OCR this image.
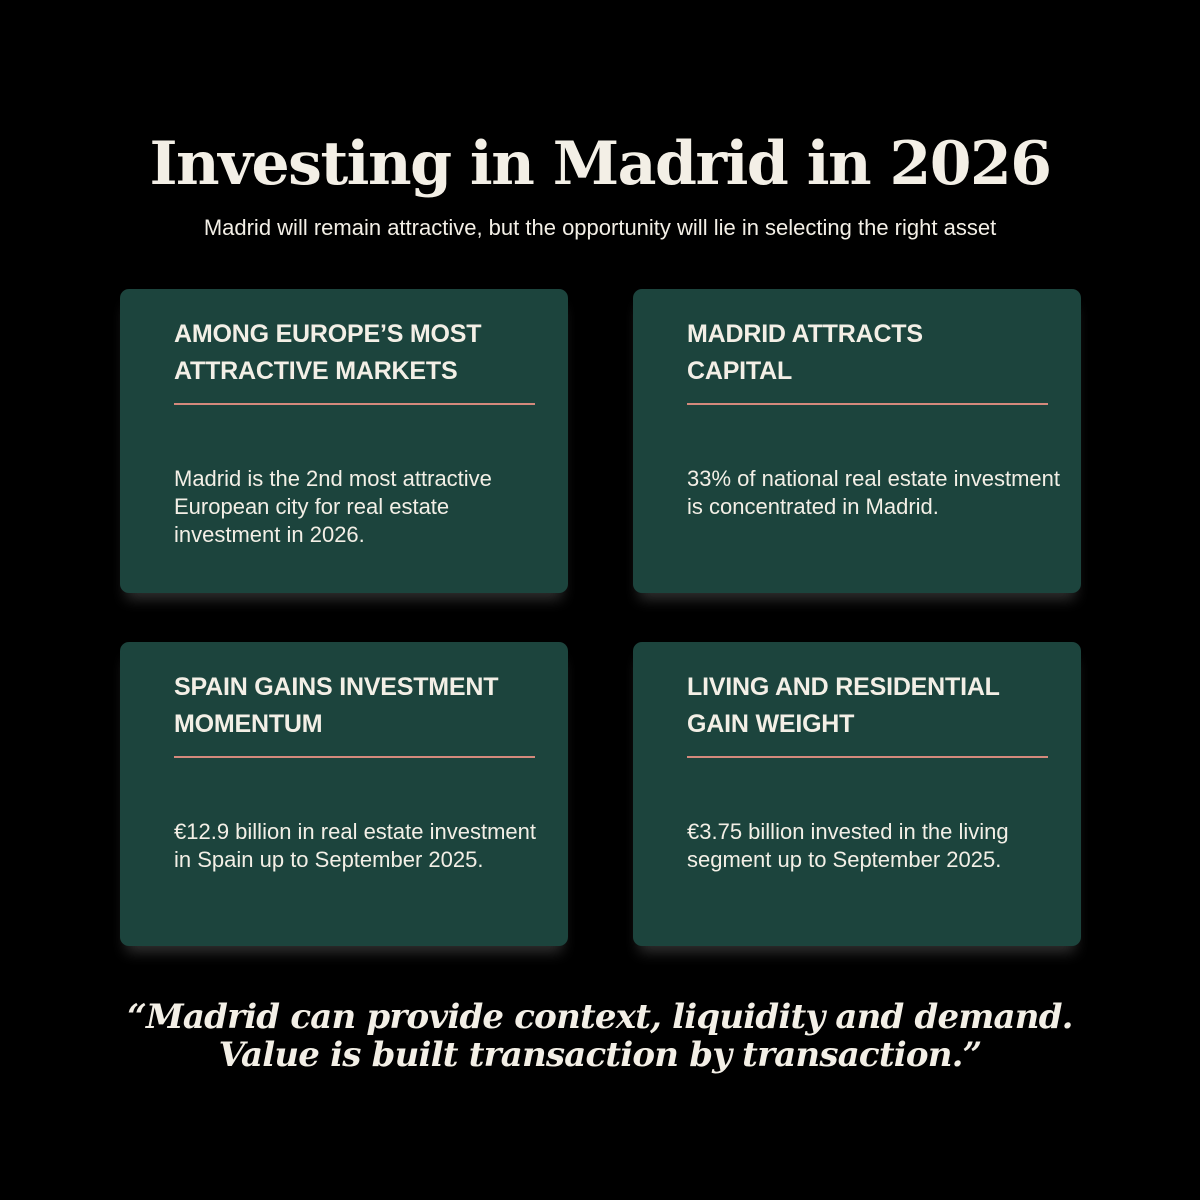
Investing in Madrid in 2026

Madrid will remain attractive, but the opportunity will lie in selecting the right asset

AMONG EUROPE’S MOST
ATTRACTIVE MARKETS

Madrid is the 2nd most attractive European city for real estate investment in 2026.

MADRID ATTRACTS
CAPITAL

33% of national real estate investment is concentrated in Madrid.

SPAIN GAINS INVESTMENT
MOMENTUM

€12.9 billion in real estate investment in Spain up to September 2025.

LIVING AND RESIDENTIAL
GAIN WEIGHT

€3.75 billion invested in the living segment up to September 2025.

“Madrid can provide context, liquidity and demand.
Value is built transaction by transaction.”
